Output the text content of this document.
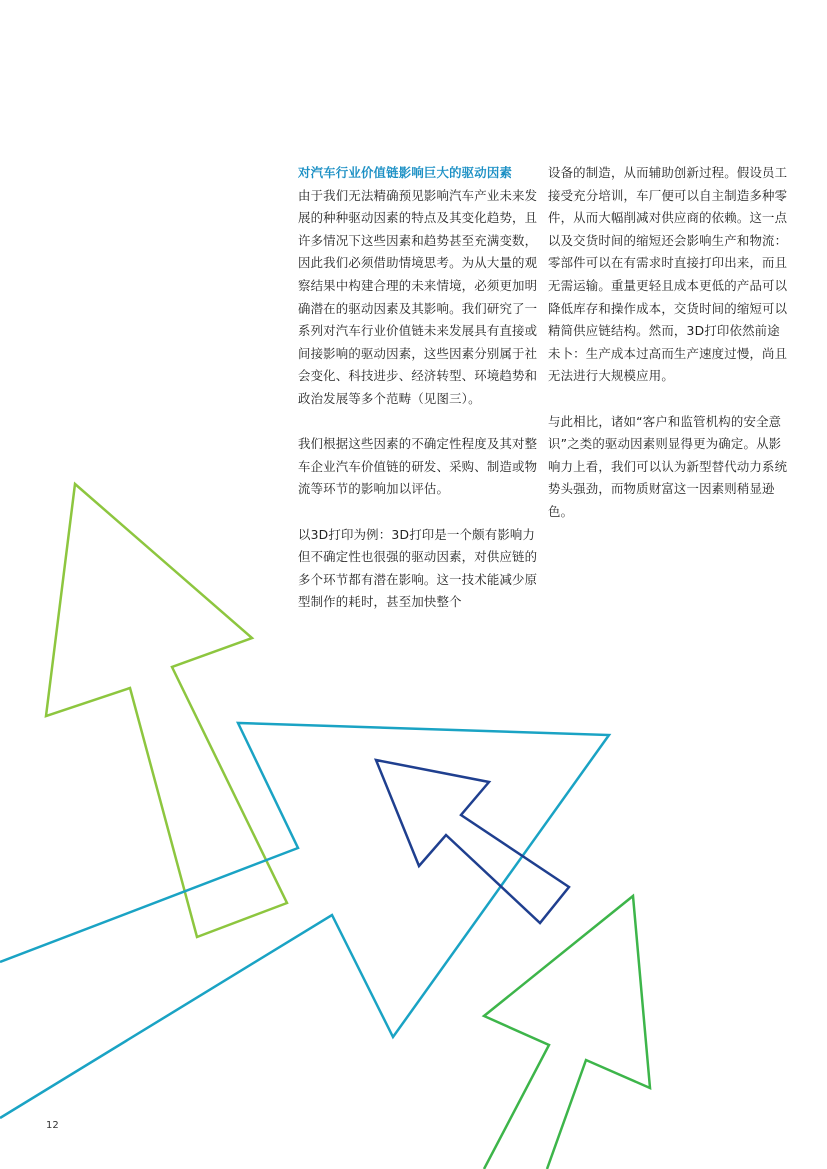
对汽车行业价值链影响巨大的驱动因素

由于我们无法精确预见影响汽车产业未来发展的种种驱动因素的特点及其变化趋势，且许多情况下这些因素和趋势甚至充满变数，因此我们必须借助情境思考。为从大量的观察结果中构建合理的未来情境，必须更加明确潜在的驱动因素及其影响。我们研究了一系列对汽车行业价值链未来发展具有直接或间接影响的驱动因素，这些因素分别属于社会变化、科技进步、经济转型、环境趋势和政治发展等多个范畴（见图三）。

我们根据这些因素的不确定性程度及其对整车企业汽车价值链的研发、采购、制造或物流等环节的影响加以评估。

以3D打印为例：3D打印是一个颇有影响力但不确定性也很强的驱动因素，对供应链的多个环节都有潜在影响。这一技术能减少原型制作的耗时，甚至加快整个

设备的制造，从而辅助创新过程。假设员工接受充分培训，车厂便可以自主制造多种零件，从而大幅削减对供应商的依赖。这一点以及交货时间的缩短还会影响生产和物流：零部件可以在有需求时直接打印出来，而且无需运输。重量更轻且成本更低的产品可以降低库存和操作成本，交货时间的缩短可以精简供应链结构。然而，3D打印依然前途未卜：生产成本过高而生产速度过慢，尚且无法进行大规模应用。

与此相比，诸如“客户和监管机构的安全意识”之类的驱动因素则显得更为确定。从影响力上看，我们可以认为新型替代动力系统势头强劲，而物质财富这一因素则稍显逊色。

12
